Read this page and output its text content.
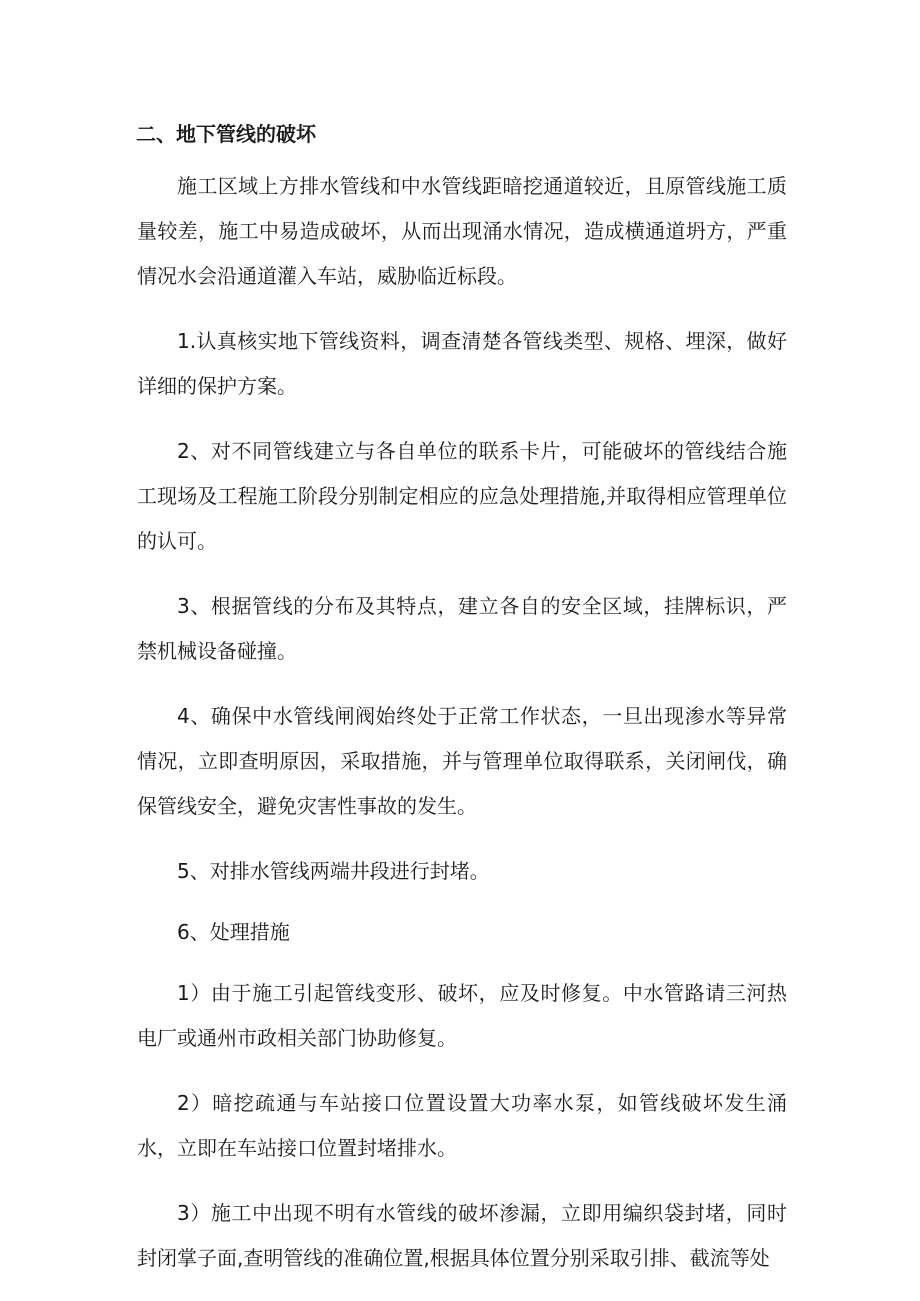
二、地下管线的破坏

施工区域上方排水管线和中水管线距暗挖通道较近，且原管线施工质量较差，施工中易造成破坏，从而出现涌水情况，造成横通道坍方，严重情况水会沿通道灌入车站，威胁临近标段。

1.认真核实地下管线资料，调查清楚各管线类型、规格、埋深，做好详细的保护方案。

2、对不同管线建立与各自单位的联系卡片，可能破坏的管线结合施工现场及工程施工阶段分别制定相应的应急处理措施,并取得相应管理单位的认可。

3、根据管线的分布及其特点，建立各自的安全区域，挂牌标识，严禁机械设备碰撞。

4、确保中水管线闸阀始终处于正常工作状态，一旦出现渗水等异常情况，立即查明原因，采取措施，并与管理单位取得联系，关闭闸伐，确保管线安全，避免灾害性事故的发生。

5、对排水管线两端井段进行封堵。

6、处理措施

1）由于施工引起管线变形、破坏，应及时修复。中水管路请三河热电厂或通州市政相关部门协助修复。

2）暗挖疏通与车站接口位置设置大功率水泵，如管线破坏发生涌水，立即在车站接口位置封堵排水。

3）施工中出现不明有水管线的破坏渗漏，立即用编织袋封堵，同时封闭掌子面,查明管线的准确位置,根据具体位置分别采取引排、截流等处
